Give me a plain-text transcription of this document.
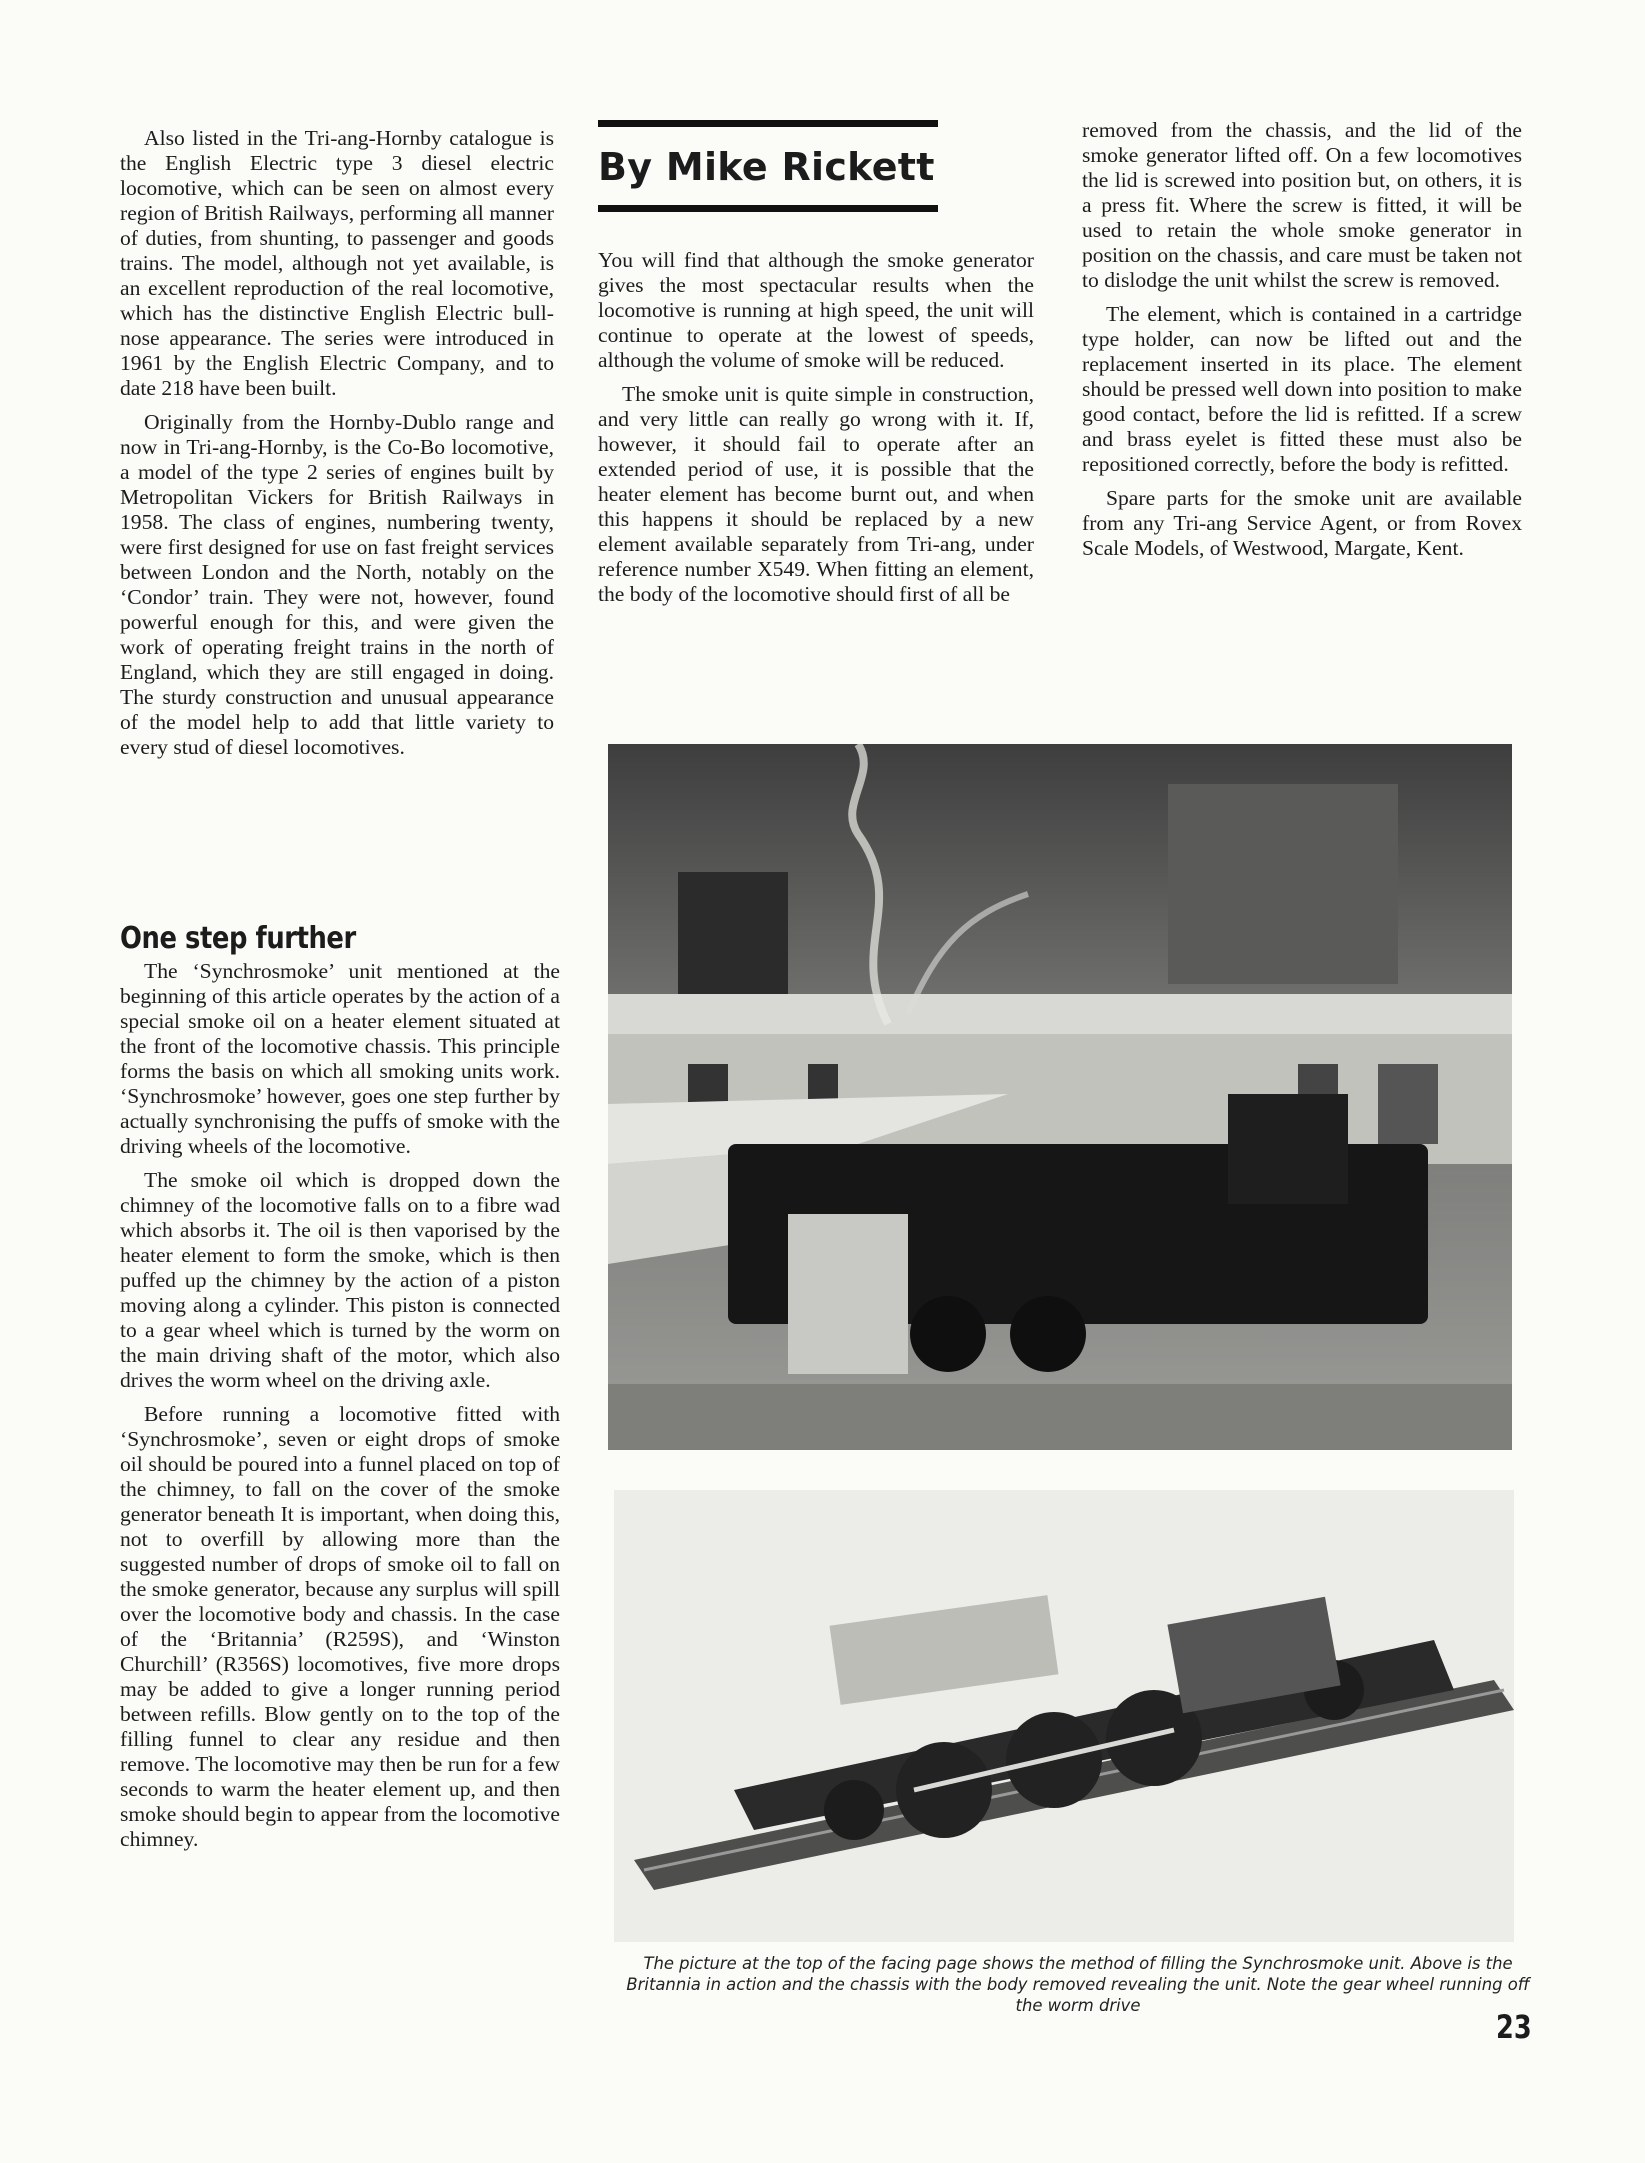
Also listed in the Tri-ang-Hornby catalogue is the English Electric type 3 diesel electric locomotive, which can be seen on almost every region of British Railways, performing all manner of duties, from shunting, to passenger and goods trains. The model, although not yet available, is an excellent reproduction of the real locomotive, which has the distinctive English Electric bull-nose appearance. The series were introduced in 1961 by the English Electric Company, and to date 218 have been built.

Originally from the Hornby-Dublo range and now in Tri-ang-Hornby, is the Co-Bo locomotive, a model of the type 2 series of engines built by Metropolitan Vickers for British Railways in 1958. The class of engines, numbering twenty, were first designed for use on fast freight services between London and the North, notably on the ‘Condor’ train. They were not, however, found powerful enough for this, and were given the work of operating freight trains in the north of England, which they are still engaged in doing. The sturdy construction and unusual appearance of the model help to add that little variety to every stud of diesel locomotives.

One step further

The ‘Synchrosmoke’ unit mentioned at the beginning of this article operates by the action of a special smoke oil on a heater element situated at the front of the locomotive chassis. This principle forms the basis on which all smoking units work. ‘Synchrosmoke’ however, goes one step further by actually synchronising the puffs of smoke with the driving wheels of the locomotive.

The smoke oil which is dropped down the chimney of the locomotive falls on to a fibre wad which absorbs it. The oil is then vaporised by the heater element to form the smoke, which is then puffed up the chimney by the action of a piston moving along a cylinder. This piston is connected to a gear wheel which is turned by the worm on the main driving shaft of the motor, which also drives the worm wheel on the driving axle.

Before running a locomotive fitted with ‘Synchrosmoke’, seven or eight drops of smoke oil should be poured into a funnel placed on top of the chimney, to fall on the cover of the smoke generator beneath It is important, when doing this, not to overfill by allowing more than the suggested number of drops of smoke oil to fall on the smoke generator, because any surplus will spill over the locomotive body and chassis. In the case of the ‘Britannia’ (R259S), and ‘Winston Churchill’ (R356S) locomotives, five more drops may be added to give a longer running period between refills. Blow gently on to the top of the filling funnel to clear any residue and then remove. The locomotive may then be run for a few seconds to warm the heater element up, and then smoke should begin to appear from the locomotive chimney.

By Mike Rickett

You will find that although the smoke generator gives the most spectacular results when the locomotive is running at high speed, the unit will continue to operate at the lowest of speeds, although the volume of smoke will be reduced.

The smoke unit is quite simple in construction, and very little can really go wrong with it. If, however, it should fail to operate after an extended period of use, it is possible that the heater element has become burnt out, and when this happens it should be replaced by a new element available separately from Tri-ang, under reference number X549. When fitting an element, the body of the locomotive should first of all be

removed from the chassis, and the lid of the smoke generator lifted off. On a few locomotives the lid is screwed into position but, on others, it is a press fit. Where the screw is fitted, it will be used to retain the whole smoke generator in position on the chassis, and care must be taken not to dislodge the unit whilst the screw is removed.

The element, which is contained in a cartridge type holder, can now be lifted out and the replacement inserted in its place. The element should be pressed well down into position to make good contact, before the lid is refitted. If a screw and brass eyelet is fitted these must also be repositioned correctly, before the body is refitted.

Spare parts for the smoke unit are available from any Tri-ang Service Agent, or from Rovex Scale Models, of Westwood, Margate, Kent.

The picture at the top of the facing page shows the method of filling the Synchrosmoke unit. Above is the Britannia in action and the chassis with the body removed revealing the unit. Note the gear wheel running off the worm drive
23
